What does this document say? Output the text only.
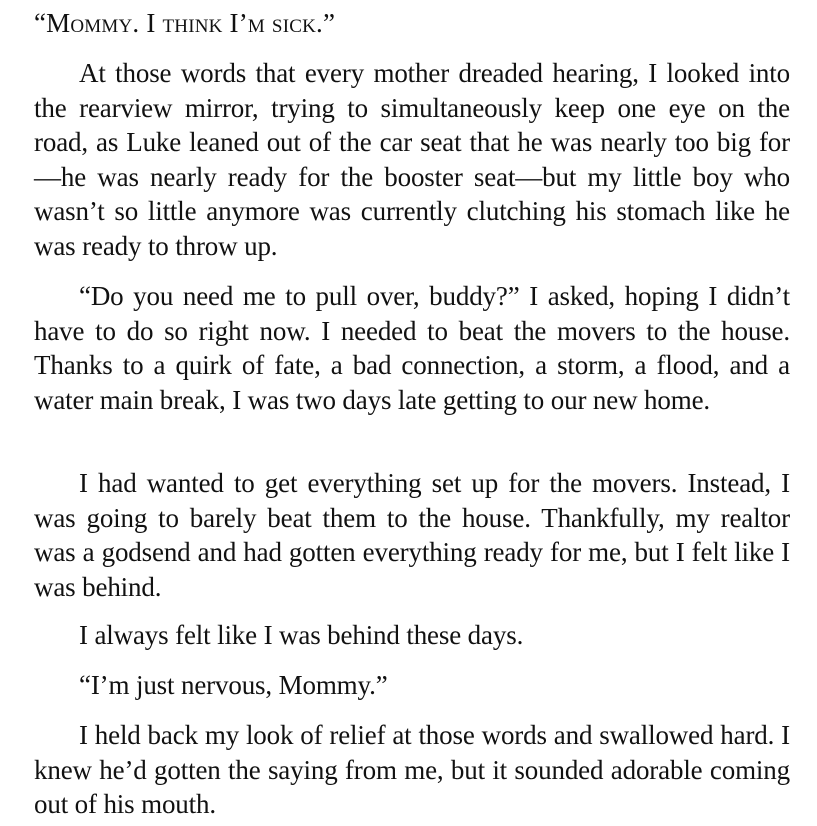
“Mommy. I think I’m sick.”

At those words that every mother dreaded hearing, I looked into the rearview mirror, trying to simultaneously keep one eye on the road, as Luke leaned out of the car seat that he was nearly too big for—he was nearly ready for the booster seat—but my little boy who wasn’t so little anymore was currently clutching his stomach like he was ready to throw up.

“Do you need me to pull over, buddy?” I asked, hoping I didn’t have to do so right now. I needed to beat the movers to the house. Thanks to a quirk of fate, a bad connection, a storm, a flood, and a water main break, I was two days late getting to our new home.

I had wanted to get everything set up for the movers. Instead, I was going to barely beat them to the house. Thankfully, my realtor was a godsend and had gotten everything ready for me, but I felt like I was behind.

I always felt like I was behind these days.

“I’m just nervous, Mommy.”

I held back my look of relief at those words and swallowed hard. I knew he’d gotten the saying from me, but it sounded adorable coming out of his mouth.
